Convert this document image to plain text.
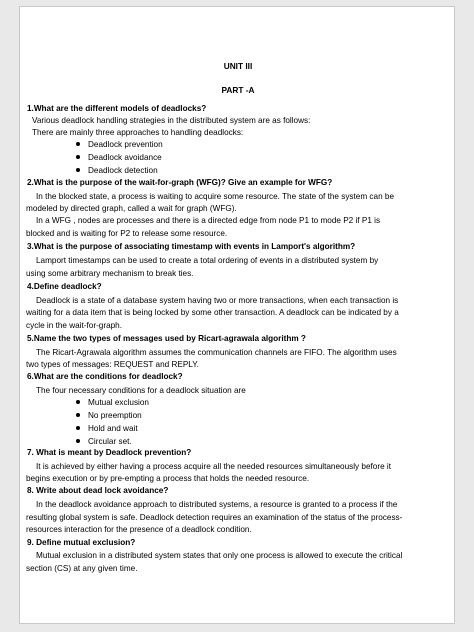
UNIT III
PART -A
1.What are the different models of deadlocks?
Various deadlock handling strategies in the distributed system are as follows:
There are mainly three approaches to handling deadlocks:
Deadlock prevention
Deadlock avoidance
Deadlock detection
2.What is the purpose of the wait-for-graph (WFG)? Give an example for WFG?
In the blocked state, a process is waiting to acquire some resource. The state of the system can be
modeled by directed graph, called a wait for graph (WFG).
In a WFG , nodes are processes and there is a directed edge from node P1 to mode P2 if P1 is
blocked and is waiting for P2 to release some resource.
3.What is the purpose of associating timestamp with events in Lamport's algorithm?
Lamport timestamps can be used to create a total ordering of events in a distributed system by
using some arbitrary mechanism to break ties.
4.Define deadlock?
Deadlock is a state of a database system having two or more transactions, when each transaction is
waiting for a data item that is being locked by some other transaction. A deadlock can be indicated by a
cycle in the wait-for-graph.
5.Name the two types of messages used by Ricart-agrawala algorithm ?
The Ricart-Agrawala algorithm assumes the communication channels are FIFO. The algorithm uses
two types of messages: REQUEST and REPLY.
6.What are the conditions for deadlock?
The four necessary conditions for a deadlock situation are
Mutual exclusion
No preemption
Hold and wait
Circular set.
7. What is meant by Deadlock prevention?
It is achieved by either having a process acquire all the needed resources simultaneously before it
begins execution or by pre-empting a process that holds the needed resource.
8. Write about dead lock avoidance?
In the deadlock avoidance approach to distributed systems, a resource is granted to a process if the
resulting global system is safe. Deadlock detection requires an examination of the status of the process-
resources interaction for the presence of a deadlock condition.
9. Define mutual exclusion?
Mutual exclusion in a distributed system states that only one process is allowed to execute the critical
section (CS) at any given time.
